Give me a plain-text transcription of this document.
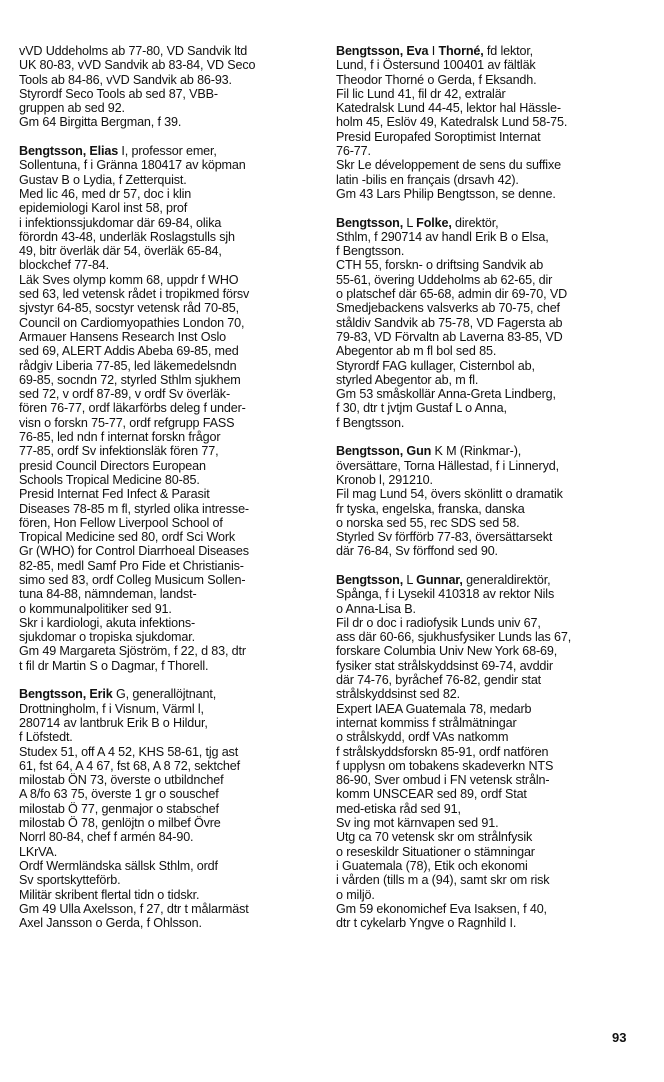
vVD Uddeholms ab 77-80, VD Sandvik ltd
UK 80-83, vVD Sandvik ab 83-84, VD Seco
Tools ab 84-86, vVD Sandvik ab 86-93.
Styrordf Seco Tools ab sed 87, VBB-
gruppen ab sed 92.
Gm 64 Birgitta Bergman, f 39.
Bengtsson, Elias I, professor emer,
Sollentuna, f i Gränna 180417 av köpman
Gustav B o Lydia, f Zetterquist.
Med lic 46, med dr 57, doc i klin
epidemiologi Karol inst 58, prof
i infektionssjukdomar där 69-84, olika
förordn 43-48, underläk Roslagstulls sjh
49, bitr överläk där 54, överläk 65-84,
blockchef 77-84.
Läk Sves olymp komm 68, uppdr f WHO
sed 63, led vetensk rådet i tropikmed försv
sjvstyr 64-85, socstyr vetensk råd 70-85,
Council on Cardiomyopathies London 70,
Armauer Hansens Research Inst Oslo
sed 69, ALERT Addis Abeba 69-85, med
rådgiv Liberia 77-85, led läkemedelsndn
69-85, socndn 72, styrled Sthlm sjukhem
sed 72, v ordf 87-89, v ordf Sv överläk-
fören 76-77, ordf läkarförbs deleg f under-
visn o forskn 75-77, ordf refgrupp FASS
76-85, led ndn f internat forskn frågor
77-85, ordf Sv infektionsläk fören 77,
presid Council Directors European
Schools Tropical Medicine 80-85.
Presid Internat Fed Infect & Parasit
Diseases 78-85 m fl, styrled olika intresse-
fören, Hon Fellow Liverpool School of
Tropical Medicine sed 80, ordf Sci Work
Gr (WHO) for Control Diarrhoeal Diseases
82-85, medl Samf Pro Fide et Christianis-
simo sed 83, ordf Colleg Musicum Sollen-
tuna 84-88, nämndeman, landst-
o kommunalpolitiker sed 91.
Skr i kardiologi, akuta infektions-
sjukdomar o tropiska sjukdomar.
Gm 49 Margareta Sjöström, f 22, d 83, dtr
t fil dr Martin S o Dagmar, f Thorell.
Bengtsson, Erik G, generallöjtnant,
Drottningholm, f i Visnum, Värml l,
280714 av lantbruk Erik B o Hildur,
f Löfstedt.
Studex 51, off A 4 52, KHS 58-61, tjg ast
61, fst 64, A 4 67, fst 68, A 8 72, sektchef
milostab ÖN 73, överste o utbildnchef
A 8/fo 63 75, överste 1 gr o souschef
milostab Ö 77, genmajor o stabschef
milostab Ö 78, genlöjtn o milbef Övre
Norrl 80-84, chef f armén 84-90.
LKrVA.
Ordf Wermländska sällsk Sthlm, ordf
Sv sportskytteförb.
Militär skribent flertal tidn o tidskr.
Gm 49 Ulla Axelsson, f 27, dtr t målarmäst
Axel Jansson o Gerda, f Ohlsson.
Bengtsson, Eva I Thorné, fd lektor,
Lund, f i Östersund 100401 av fältläk
Theodor Thorné o Gerda, f Eksandh.
Fil lic Lund 41, fil dr 42, extralär
Katedralsk Lund 44-45, lektor hal Hässle-
holm 45, Eslöv 49, Katedralsk Lund 58-75.
Presid Europafed Soroptimist Internat
76-77.
Skr Le développement de sens du suffixe
latin -bilis en français (drsavh 42).
Gm 43 Lars Philip Bengtsson, se denne.
Bengtsson, L Folke, direktör,
Sthlm, f 290714 av handl Erik B o Elsa,
f Bengtsson.
CTH 55, forskn- o driftsing Sandvik ab
55-61, övering Uddeholms ab 62-65, dir
o platschef där 65-68, admin dir 69-70, VD
Smedjebackens valsverks ab 70-75, chef
ståldiv Sandvik ab 75-78, VD Fagersta ab
79-83, VD Förvaltn ab Laverna 83-85, VD
Abegentor ab m fl bol sed 85.
Styrordf FAG kullager, Cisternbol ab,
styrled Abegentor ab, m fl.
Gm 53 småskollär Anna-Greta Lindberg,
f 30, dtr t jvtjm Gustaf L o Anna,
f Bengtsson.
Bengtsson, Gun K M (Rinkmar-),
översättare, Torna Hällestad, f i Linneryd,
Kronob l, 291210.
Fil mag Lund 54, övers skönlitt o dramatik
fr tyska, engelska, franska, danska
o norska sed 55, rec SDS sed 58.
Styrled Sv förfförb 77-83, översättarsekt
där 76-84, Sv förffond sed 90.
Bengtsson, L Gunnar, generaldirektör,
Spånga, f i Lysekil 410318 av rektor Nils
o Anna-Lisa B.
Fil dr o doc i radiofysik Lunds univ 67,
ass där 60-66, sjukhusfysiker Lunds las 67,
forskare Columbia Univ New York 68-69,
fysiker stat strålskyddsinst 69-74, avddir
där 74-76, byråchef 76-82, gendir stat
strålskyddsinst sed 82.
Expert IAEA Guatemala 78, medarb
internat kommiss f strålmätningar
o strålskydd, ordf VAs natkomm
f strålskyddsforskn 85-91, ordf natfören
f upplysn om tobakens skadeverkn NTS
86-90, Sver ombud i FN vetensk stråln-
komm UNSCEAR sed 89, ordf Stat
med-etiska råd sed 91,
Sv ing mot kärnvapen sed 91.
Utg ca 70 vetensk skr om strålnfysik
o reseskildr Situationer o stämningar
i Guatemala (78), Etik och ekonomi
i vården (tills m a (94), samt skr om risk
o miljö.
Gm 59 ekonomichef Eva Isaksen, f 40,
dtr t cykelarb Yngve o Ragnhild I.
93
